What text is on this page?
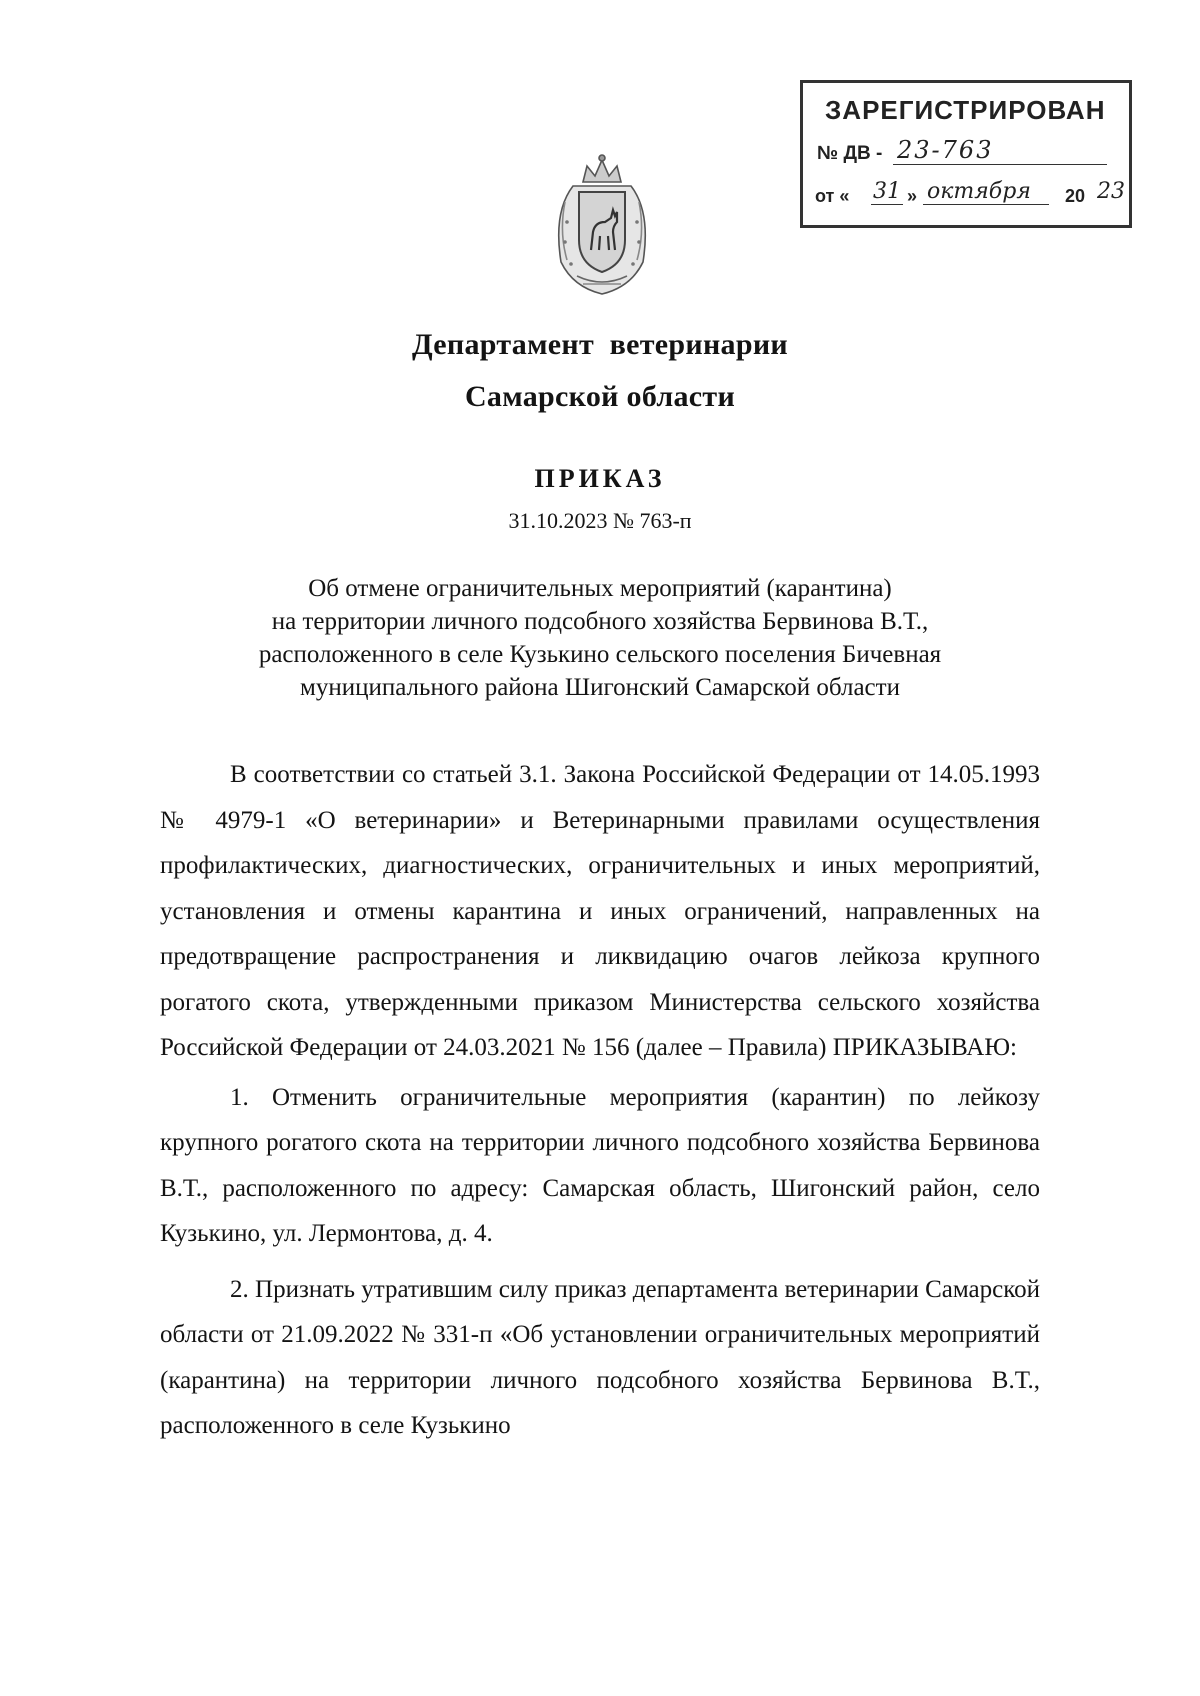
ЗАРЕГИСТРИРОВАН
№ ДВ - 23-763
от « 31 » октября	20 23
Департамент  ветеринарии
Самарской области
ПРИКАЗ
31.10.2023 № 763-п
Об отмене ограничительных мероприятий (карантина)
на территории личного подсобного хозяйства Бервинова В.Т.,
расположенного в селе Кузькино сельского поселения Бичевная
муниципального района Шигонский Самарской области

В соответствии со статьей 3.1. Закона Российской Федерации от 14.05.1993 № 4979-1 «О ветеринарии» и Ветеринарными правилами осуществления профилактических, диагностических, ограничительных и иных мероприятий, установления и отмены карантина и иных ограничений, направленных на предотвращение распространения и ликвидацию очагов лейкоза крупного рогатого скота, утвержденными приказом Министерства сельского хозяйства Российской Федерации от 24.03.2021 № 156 (далее – Правила) ПРИКАЗЫВАЮ:

1. Отменить ограничительные мероприятия (карантин) по лейкозу крупного рогатого скота на территории личного подсобного хозяйства Бервинова В.Т., расположенного по адресу: Самарская область, Шигонский район, село Кузькино, ул. Лермонтова, д. 4.

2. Признать утратившим силу приказ департамента ветеринарии Самарской области от 21.09.2022 № 331-п «Об установлении ограничительных мероприятий (карантина) на территории личного подсобного хозяйства Бервинова В.Т., расположенного в селе Кузькино
